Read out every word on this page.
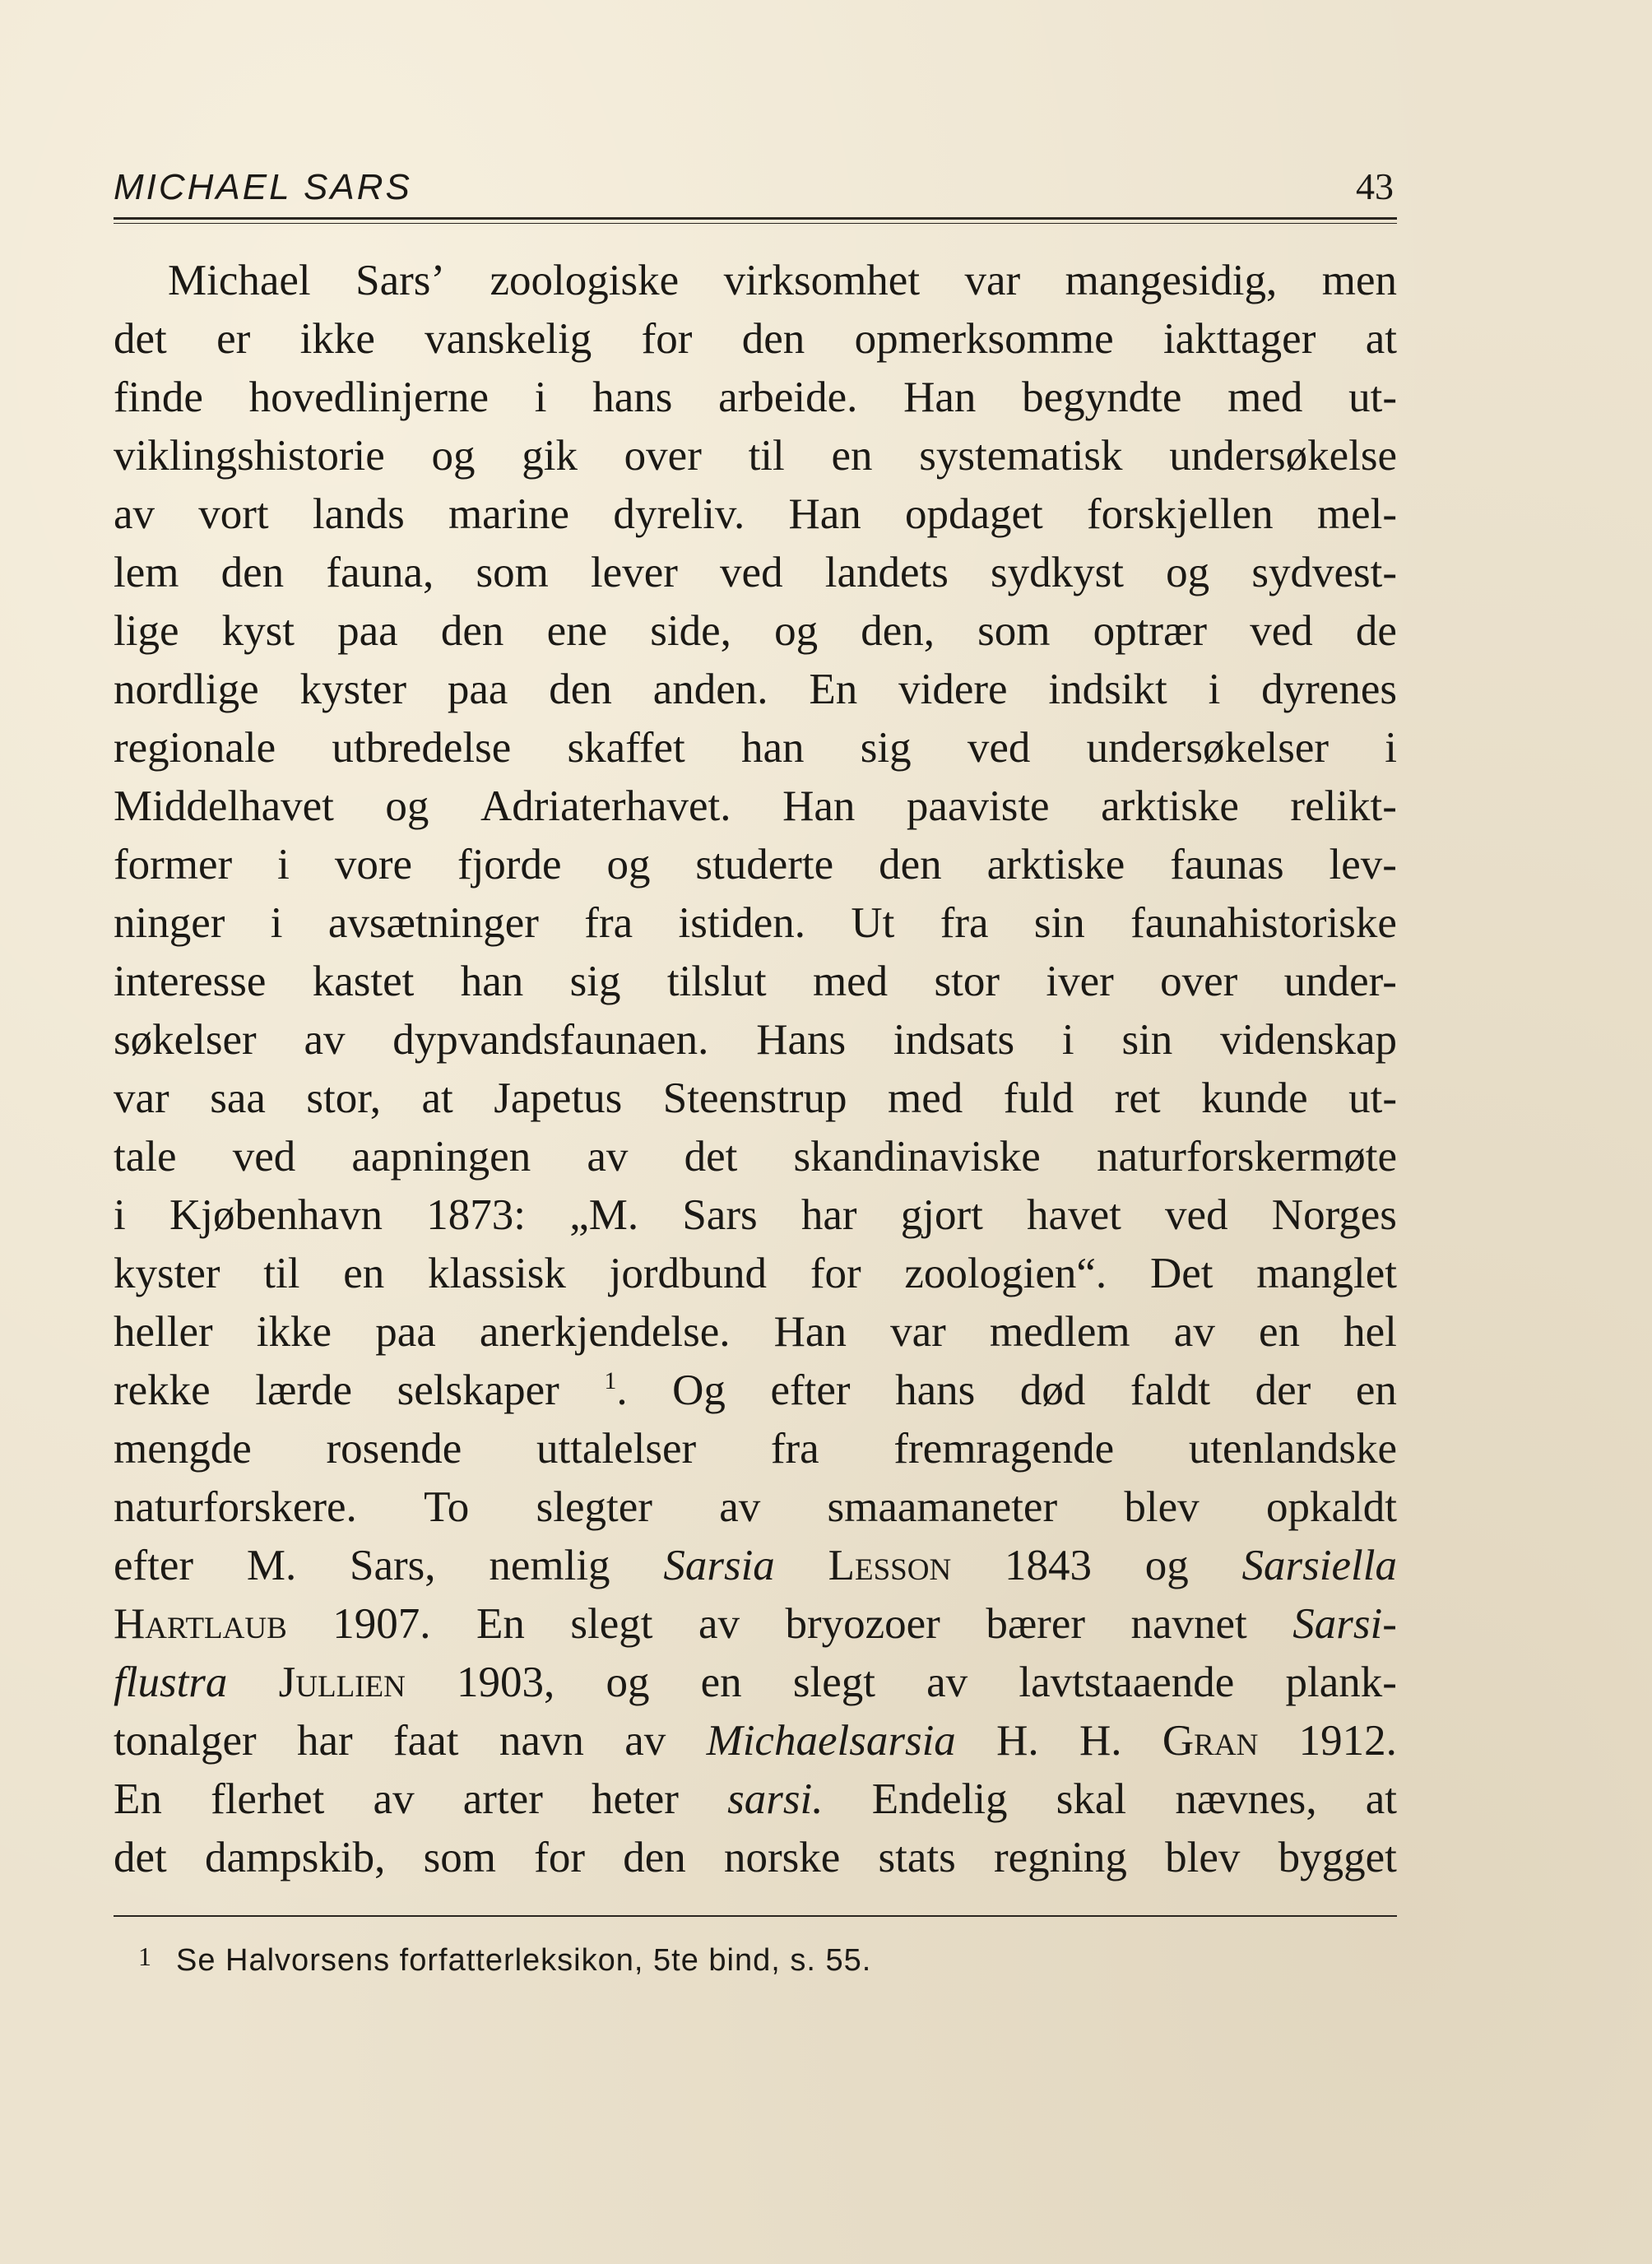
MICHAEL SARS	43
Michael Sars’ zoologiske virksomhet var mangesidig, men
det er ikke vanskelig for den opmerksomme iakttager at
finde hovedlinjerne i hans arbeide. Han begyndte med ut-
viklingshistorie og gik over til en systematisk undersøkelse
av vort lands marine dyreliv. Han opdaget forskjellen mel-
lem den fauna, som lever ved landets sydkyst og sydvest-
lige kyst paa den ene side, og den, som optrær ved de
nordlige kyster paa den anden. En videre indsikt i dyrenes
regionale utbredelse skaffet han sig ved undersøkelser i
Middelhavet og Adriaterhavet. Han paaviste arktiske relikt-
former i vore fjorde og studerte den arktiske faunas lev-
ninger i avsætninger fra istiden. Ut fra sin faunahistoriske
interesse kastet han sig tilslut med stor iver over under-
søkelser av dypvandsfaunaen. Hans indsats i sin videnskap
var saa stor, at Japetus Steenstrup med fuld ret kunde ut-
tale ved aapningen av det skandinaviske naturforskermøte
i Kjøbenhavn 1873: „M. Sars har gjort havet ved Norges
kyster til en klassisk jordbund for zoologien“. Det manglet
heller ikke paa anerkjendelse. Han var medlem av en hel
rekke lærde selskaper 1. Og efter hans død faldt der en
mengde rosende uttalelser fra fremragende utenlandske
naturforskere. To slegter av smaamaneter blev opkaldt
efter M. Sars, nemlig Sarsia Lesson 1843 og Sarsiella
Hartlaub 1907. En slegt av bryozoer bærer navnet Sarsi-
flustra Jullien 1903, og en slegt av lavtstaaende plank-
tonalger har faat navn av Michaelsarsia H. H. Gran 1912.
En flerhet av arter heter sarsi. Endelig skal nævnes, at
det dampskib, som for den norske stats regning blev bygget
1 Se Halvorsens forfatterleksikon, 5te bind, s. 55.
